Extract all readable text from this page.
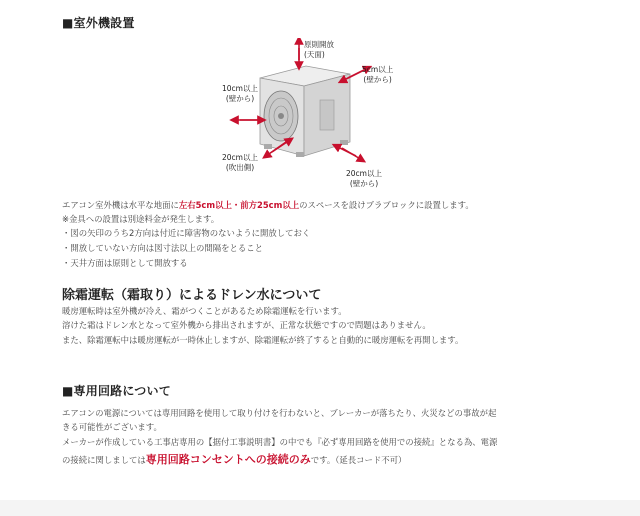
■室外機設置
原則開放
(天面)
5cm以上
(壁から)
10cm以上
(壁から)
20cm以上
(吹出側)
20cm以上
(壁から)
エアコン室外機は水平な地面に左右5cm以上・前方25cm以上のスペースを設けブラブロックに設置します。
※金具への設置は別途料金が発生します。
・図の矢印のうち2方向は付近に障害物のないように開放しておく
・開放していない方向は図寸法以上の間隔をとること
・天井方面は原則として開放する
除霜運転（霜取り）によるドレン水について
暖房運転時は室外機が冷え、霜がつくことがあるため除霜運転を行います。
溶けた霜はドレン水となって室外機から排出されますが、正常な状態ですので問題はありません。
また、除霜運転中は暖房運転が一時休止しますが、除霜運転が終了すると自動的に暖房運転を再開します。
■専用回路について
エアコンの電源については専用回路を使用して取り付けを行わないと、ブレーカーが落ちたり、火災などの事故が起
きる可能性がございます。
メーカーが作成している工事店専用の【据付工事説明書】の中でも『必ず専用回路を使用での接続』となる為、電源
の接続に関しましては専用回路コンセントへの接続のみです。（延長コード不可）
